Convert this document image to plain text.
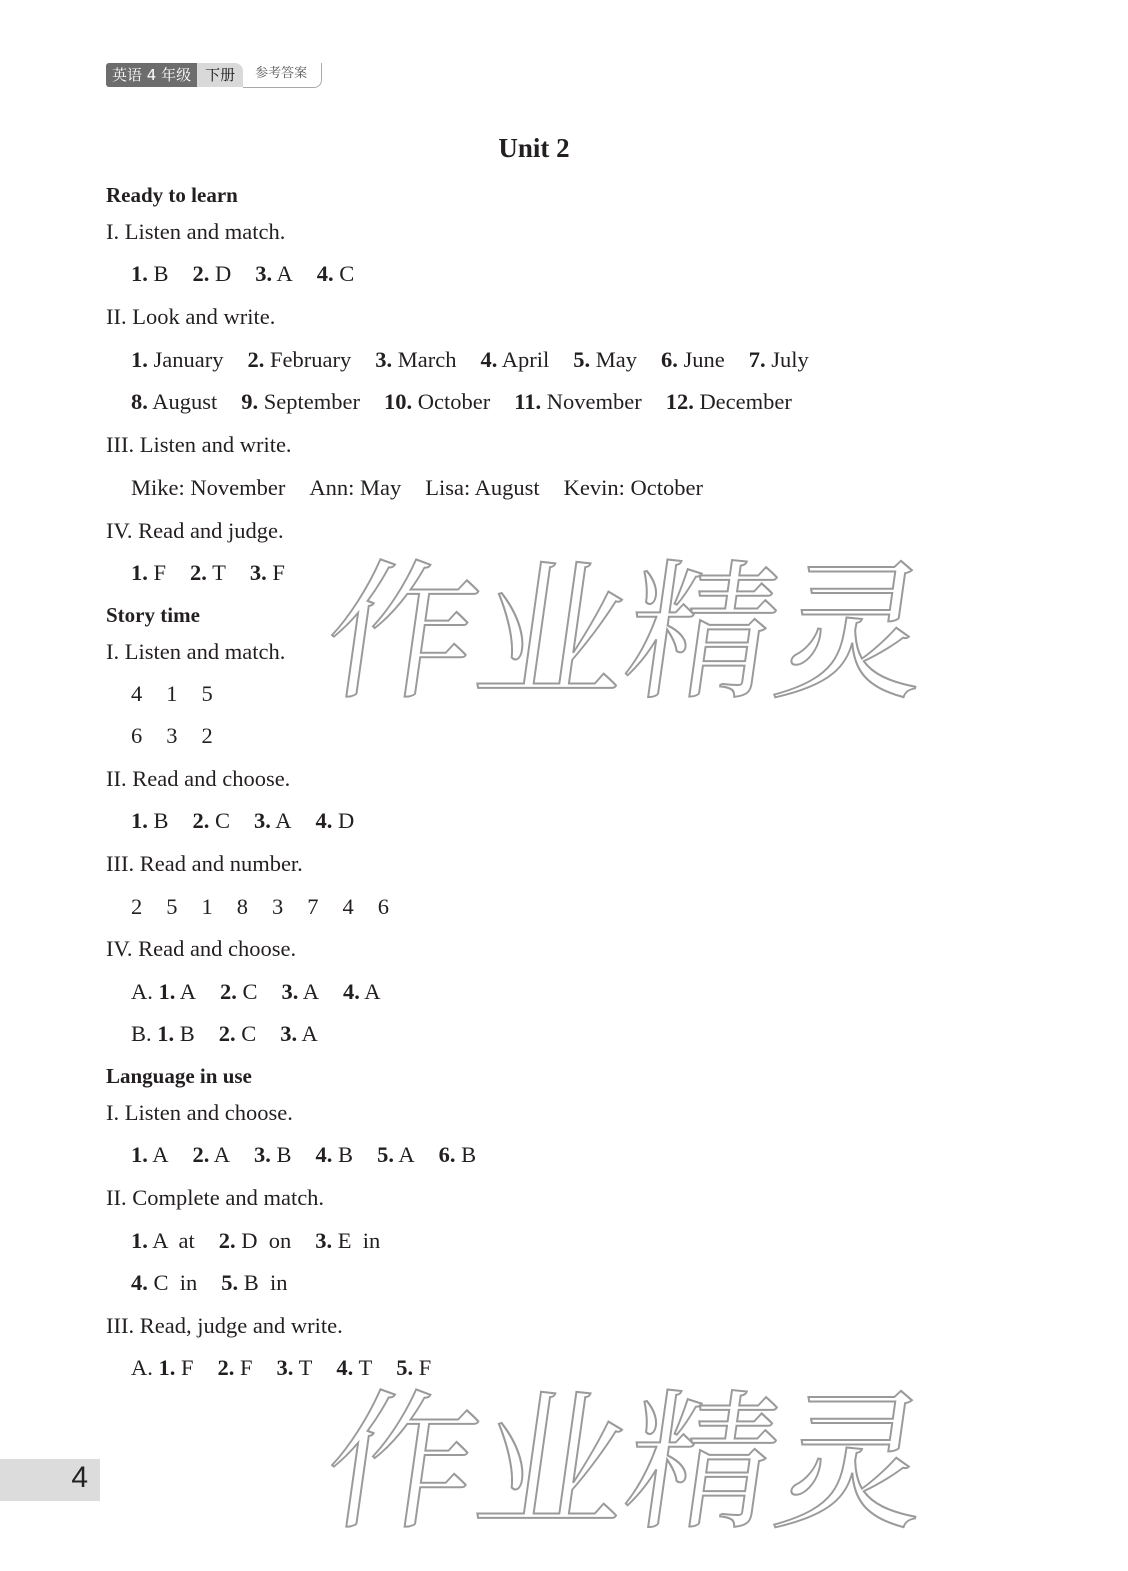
英语 4 年级 下册	参考答案
Unit 2
Ready to learn
I. Listen and match.
1. B 2. D 3. A 4. C
II. Look and write.
1. January 2. February 3. March 4. April 5. May 6. June 7. July
8. August 9. September 10. October 11. November 12. December
III. Listen and write.
Mike: November Ann: May Lisa: August Kevin: October
IV. Read and judge.
1. F 2. T 3. F
Story time
I. Listen and match.
4 1 5
6 3 2
II. Read and choose.
1. B 2. C 3. A 4. D
III. Read and number.
2 5 1 8 3 7 4 6
IV. Read and choose.
A. 1. A 2. C 3. A 4. A
B. 1. B 2. C 3. A
Language in use
I. Listen and choose.
1. A 2. A 3. B 4. B 5. A 6. B
II. Complete and match.
1. A  at 2. D  on 3. E  in
4. C  in 5. B  in
III. Read, judge and write.
A. 1. F 2. F 3. T 4. T 5. F
作业精灵
作业精灵
4
